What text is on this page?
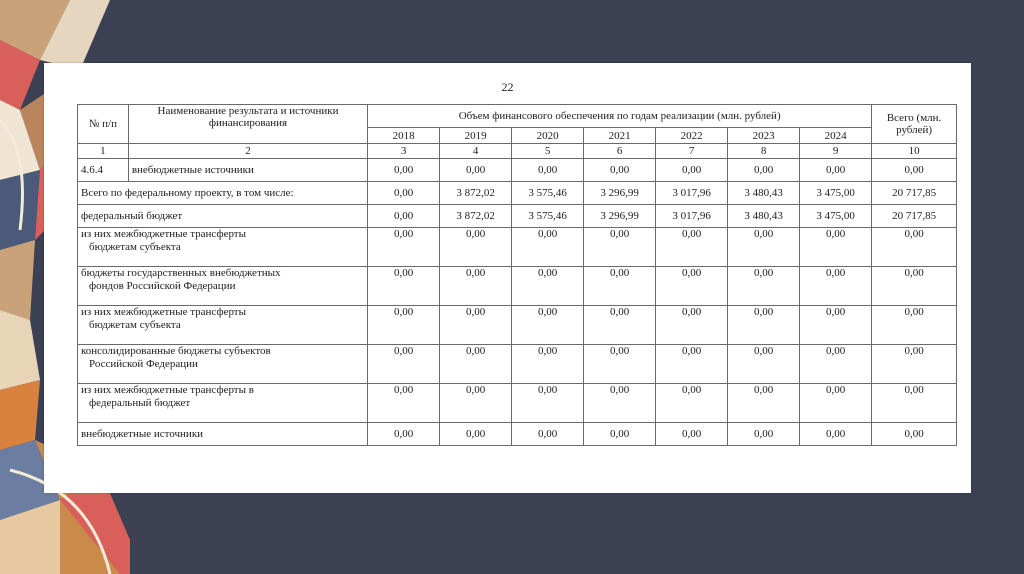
22
№ п/п	Наименование результата и источники финансирования	Объем финансового обеспечения по годам реализации (млн. рублей)							Всего (млн. рублей)
		2018	2019	2020	2021	2022	2023	2024	
1	2	3	4	5	6	7	8	9	10
4.6.4	внебюджетные источники	0,00	0,00	0,00	0,00	0,00	0,00	0,00	0,00

Всего по федеральному проекту, в том числе:		0,00	3 872,02	3 575,46	3 296,99	3 017,96	3 480,43	3 475,00	20 717,85

федеральный бюджет		0,00	3 872,02	3 575,46	3 296,99	3 017,96	3 480,43	3 475,00	20 717,85

из них межбюджетные трансферты
бюджетам субъекта		0,00	0,00	0,00	0,00	0,00	0,00	0,00	0,00

бюджеты государственных внебюджетных
фондов Российской Федерации		0,00	0,00	0,00	0,00	0,00	0,00	0,00	0,00

из них межбюджетные трансферты
бюджетам субъекта		0,00	0,00	0,00	0,00	0,00	0,00	0,00	0,00

консолидированные бюджеты субъектов
Российской Федерации		0,00	0,00	0,00	0,00	0,00	0,00	0,00	0,00

из них межбюджетные трансферты в
федеральный бюджет		0,00	0,00	0,00	0,00	0,00	0,00	0,00	0,00

внебюджетные источники		0,00	0,00	0,00	0,00	0,00	0,00	0,00	0,00
